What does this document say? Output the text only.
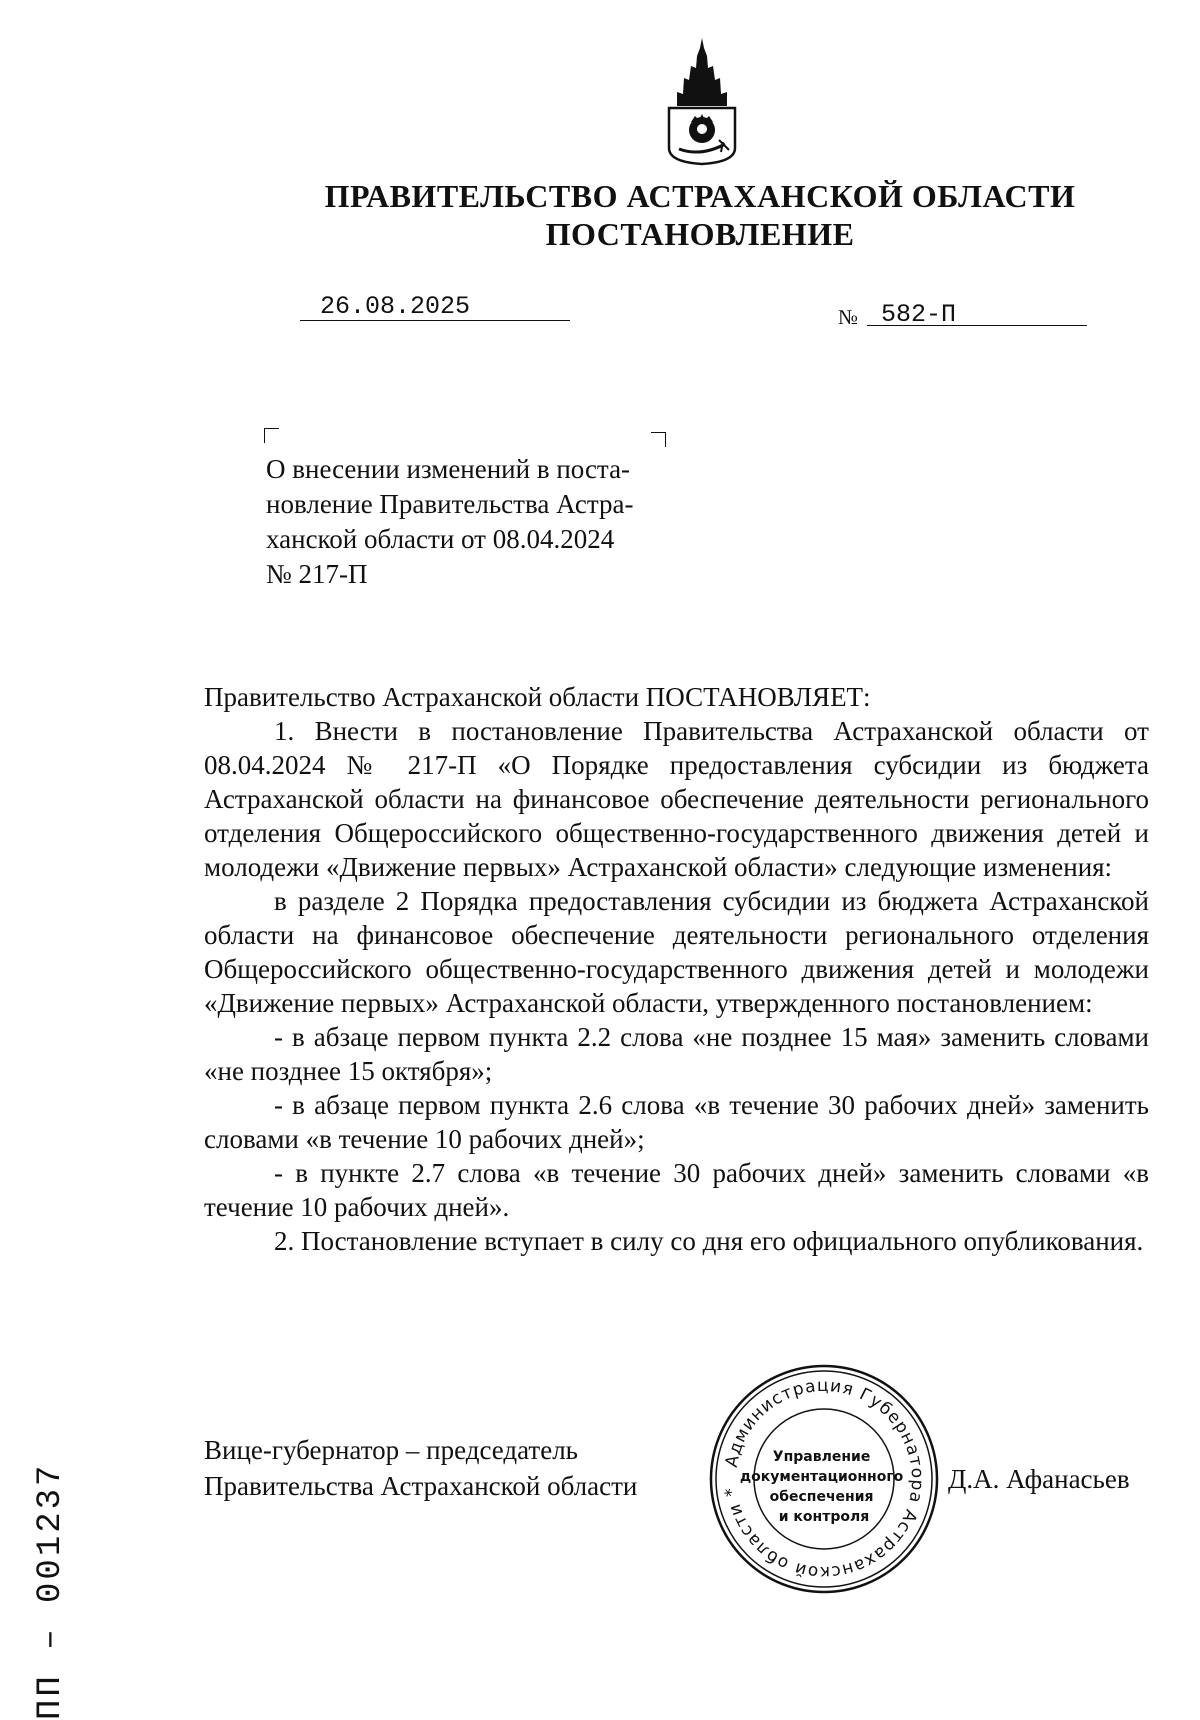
ПРАВИТЕЛЬСТВО АСТРАХАНСКОЙ ОБЛАСТИ
ПОСТАНОВЛЕНИЕ
26.08.2025	№ 582-П

О внесении изменений в поста-

новление Правительства Астра-

ханской области от 08.04.2024

№ 217-П

Правительство Астраханской области ПОСТАНОВЛЯЕТ:

1. Внести в постановление Правительства Астраханской области от 08.04.2024 № 217-П «О Порядке предоставления субсидии из бюджета Астраханской области на финансовое обеспечение деятельности регионального отделения Общероссийского общественно-государственного движения детей и молодежи «Движение первых» Астраханской области» следующие изменения:

в разделе 2 Порядка предоставления субсидии из бюджета Астраханской области на финансовое обеспечение деятельности регионального отделения Общероссийского общественно-государственного движения детей и молодежи «Движение первых» Астраханской области, утвержденного постановлением:

- в абзаце первом пункта 2.2 слова «не позднее 15 мая» заменить словами «не позднее 15 октября»;

- в абзаце первом пункта 2.6 слова «в течение 30 рабочих дней» заменить словами «в течение 10 рабочих дней»;

- в пункте 2.7 слова «в течение 30 рабочих дней» заменить словами «в течение 10 рабочих дней».

2. Постановление вступает в силу со дня его официального опубликования.

Вице-губернатор – председатель
Правительства Астраханской области
Администрация Губернатора Астраханской области *
Управление документационного обеспечения и контроля
Д.А. Афанасьев
ПП – 001237
